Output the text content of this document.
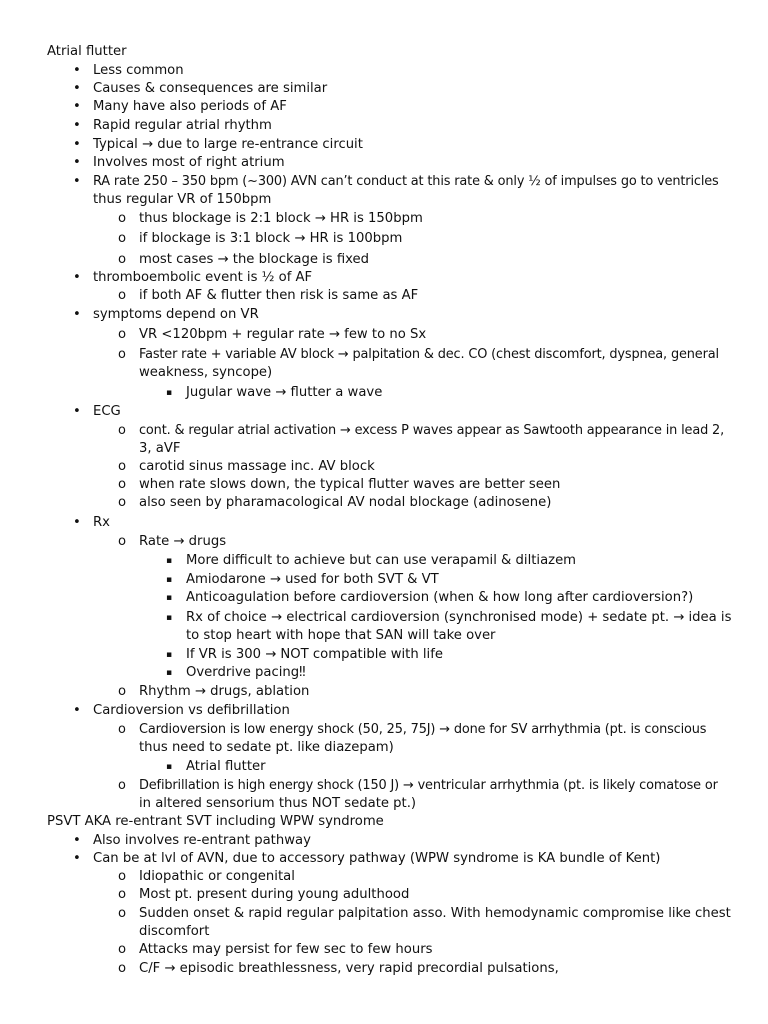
Atrial flutter
• Less common
• Causes & consequences are similar
• Many have also periods of AF
• Rapid regular atrial rhythm
• Typical → due to large re-entrance circuit
• Involves most of right atrium
• RA rate 250 – 350 bpm (~300) AVN can’t conduct at this rate & only ½ of impulses go to ventricles
thus regular VR of 150bpm
o thus blockage is 2:1 block → HR is 150bpm
o if blockage is 3:1 block → HR is 100bpm
o most cases → the blockage is fixed
• thromboembolic event is ½ of AF
o if both AF & flutter then risk is same as AF
• symptoms depend on VR
o VR <120bpm + regular rate → few to no Sx
o Faster rate + variable AV block → palpitation & dec. CO (chest discomfort, dyspnea, general
weakness, syncope)
▪ Jugular wave → flutter a wave
• ECG
o cont. & regular atrial activation → excess P waves appear as Sawtooth appearance in lead 2,
3, aVF
o carotid sinus massage inc. AV block
o when rate slows down, the typical flutter waves are better seen
o also seen by pharamacological AV nodal blockage (adinosene)
• Rx
o Rate → drugs
▪ More difficult to achieve but can use verapamil & diltiazem
▪ Amiodarone → used for both SVT & VT
▪ Anticoagulation before cardioversion (when & how long after cardioversion?)
▪ Rx of choice → electrical cardioversion (synchronised mode) + sedate pt. → idea is
to stop heart with hope that SAN will take over
▪ If VR is 300 → NOT compatible with life
▪ Overdrive pacing‼
o Rhythm → drugs, ablation
• Cardioversion vs defibrillation
o Cardioversion is low energy shock (50, 25, 75J) → done for SV arrhythmia (pt. is conscious
thus need to sedate pt. like diazepam)
▪ Atrial flutter
o Defibrillation is high energy shock (150 J) → ventricular arrhythmia (pt. is likely comatose or
in altered sensorium thus NOT sedate pt.)
PSVT AKA re-entrant SVT including WPW syndrome
• Also involves re-entrant pathway
• Can be at lvl of AVN, due to accessory pathway (WPW syndrome is KA bundle of Kent)
o Idiopathic or congenital
o Most pt. present during young adulthood
o Sudden onset & rapid regular palpitation asso. With hemodynamic compromise like chest
discomfort
o Attacks may persist for few sec to few hours
o C/F → episodic breathlessness, very rapid precordial pulsations,
